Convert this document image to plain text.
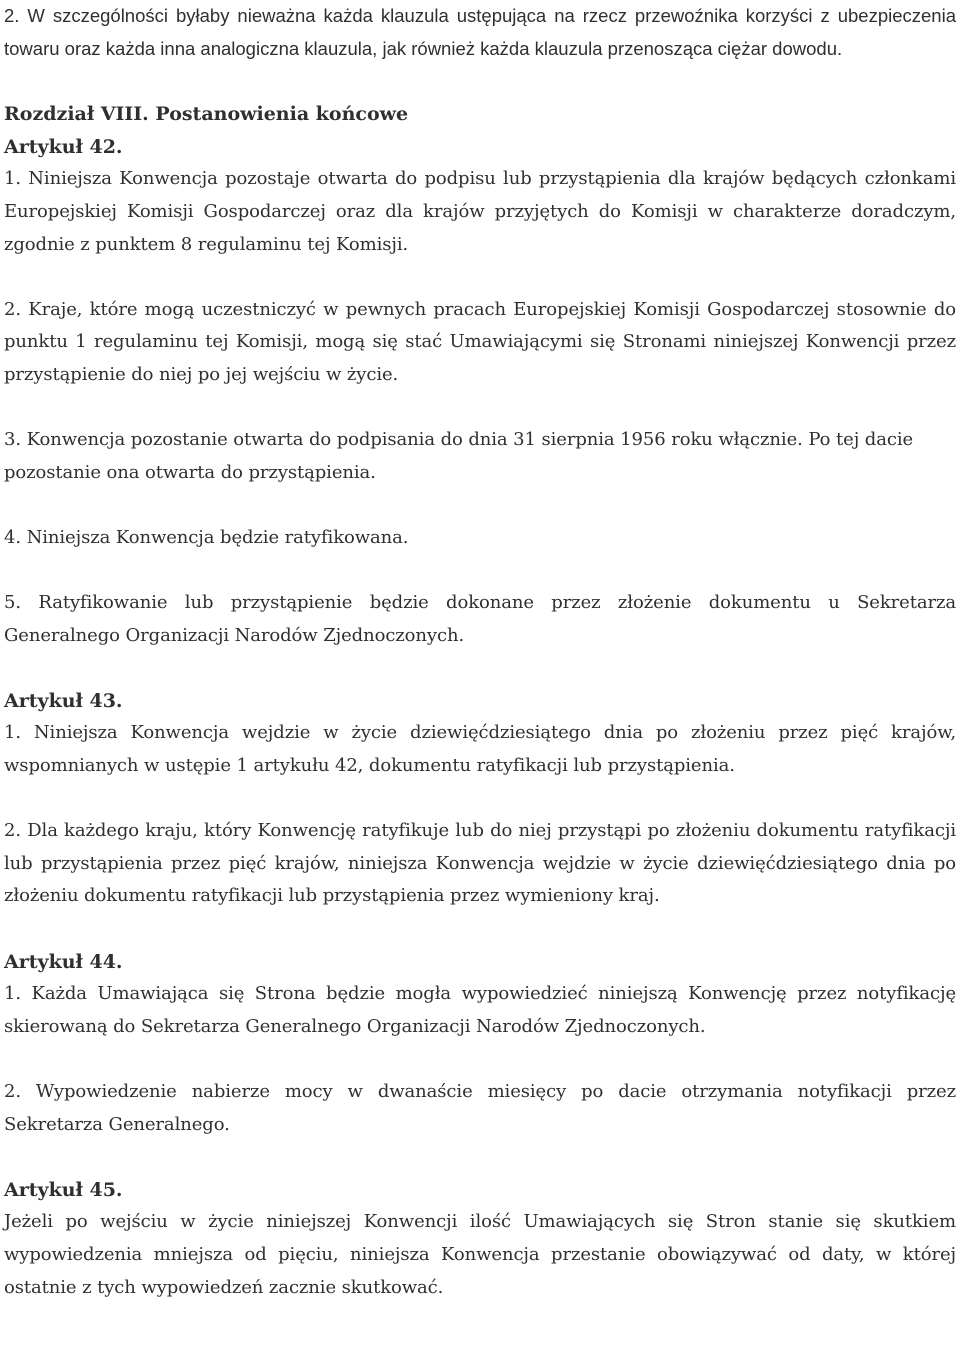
2. W szczególności byłaby nieważna każda klauzula ustępująca na rzecz przewoźnika korzyści z ubezpieczenia towaru oraz każda inna analogiczna klauzula, jak również każda klauzula przenosząca ciężar dowodu.

Rozdział VIII. Postanowienia końcowe
Artykuł 42.

1. Niniejsza Konwencja pozostaje otwarta do podpisu lub przystąpienia dla krajów będących członkami Europejskiej Komisji Gospodarczej oraz dla krajów przyjętych do Komisji w charakterze doradczym, zgodnie z punktem 8 regulaminu tej Komisji.

2. Kraje, które mogą uczestniczyć w pewnych pracach Europejskiej Komisji Gospodarczej stosownie do punktu 1 regulaminu tej Komisji, mogą się stać Umawiającymi się Stronami niniejszej Konwencji przez przystąpienie do niej po jej wejściu w życie.

3. Konwencja pozostanie otwarta do podpisania do dnia 31 sierpnia 1956 roku włącznie. Po tej dacie pozostanie ona otwarta do przystąpienia.

4. Niniejsza Konwencja będzie ratyfikowana.

5. Ratyfikowanie lub przystąpienie będzie dokonane przez złożenie dokumentu u Sekretarza Generalnego Organizacji Narodów Zjednoczonych.

Artykuł 43.

1. Niniejsza Konwencja wejdzie w życie dziewięćdziesiątego dnia po złożeniu przez pięć krajów, wspomnianych w ustępie 1 artykułu 42, dokumentu ratyfikacji lub przystąpienia.

2. Dla każdego kraju, który Konwencję ratyfikuje lub do niej przystąpi po złożeniu dokumentu ratyfikacji lub przystąpienia przez pięć krajów, niniejsza Konwencja wejdzie w życie dziewięćdziesiątego dnia po złożeniu dokumentu ratyfikacji lub przystąpienia przez wymieniony kraj.

Artykuł 44.

1. Każda Umawiająca się Strona będzie mogła wypowiedzieć niniejszą Konwencję przez notyfikację skierowaną do Sekretarza Generalnego Organizacji Narodów Zjednoczonych.

2. Wypowiedzenie nabierze mocy w dwanaście miesięcy po dacie otrzymania notyfikacji przez Sekretarza Generalnego.

Artykuł 45.

Jeżeli po wejściu w życie niniejszej Konwencji ilość Umawiających się Stron stanie się skutkiem wypowiedzenia mniejsza od pięciu, niniejsza Konwencja przestanie obowiązywać od daty, w której ostatnie z tych wypowiedzeń zacznie skutkować.
